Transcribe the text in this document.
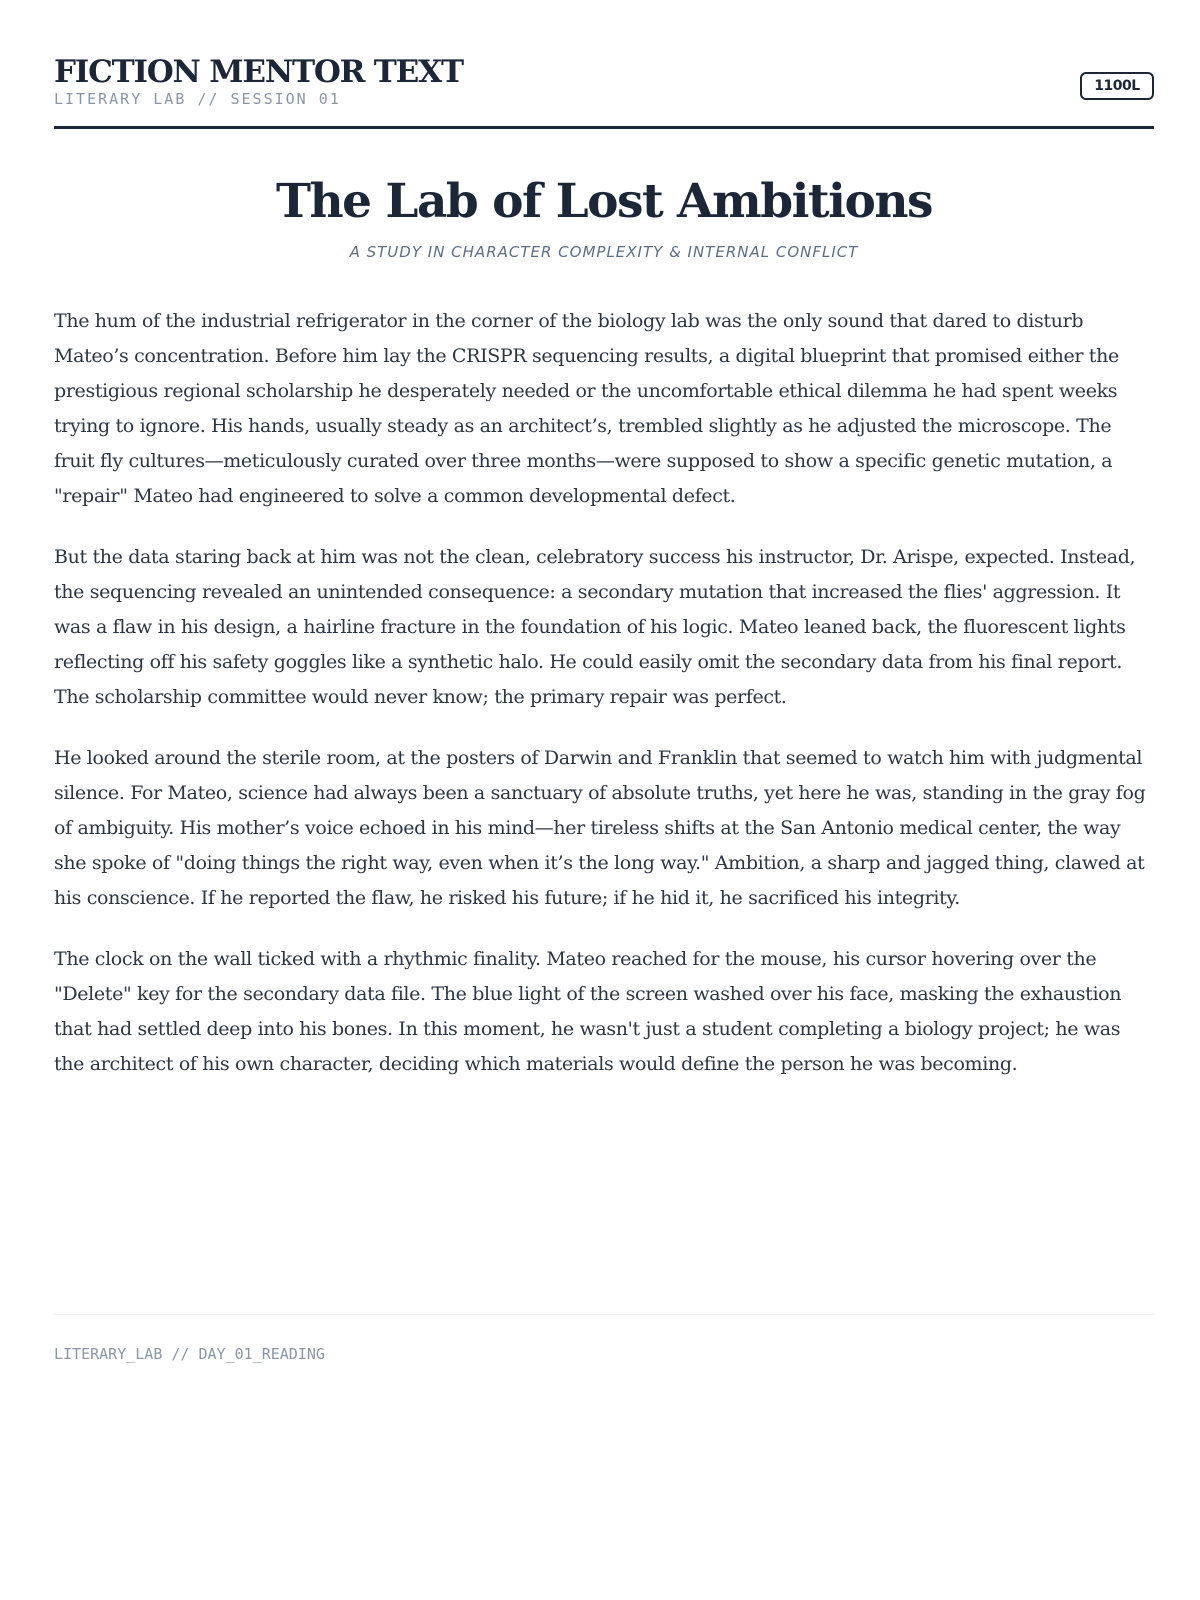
FICTION MENTOR TEXT
LITERARY LAB // SESSION 01
1100L
The Lab of Lost Ambitions
A STUDY IN CHARACTER COMPLEXITY & INTERNAL CONFLICT

The hum of the industrial refrigerator in the corner of the biology lab was the only sound that dared to disturb Mateo’s concentration. Before him lay the CRISPR sequencing results, a digital blueprint that promised either the prestigious regional scholarship he desperately needed or the uncomfortable ethical dilemma he had spent weeks trying to ignore. His hands, usually steady as an architect’s, trembled slightly as he adjusted the microscope. The fruit fly cultures—meticulously curated over three months—were supposed to show a specific genetic mutation, a "repair" Mateo had engineered to solve a common developmental defect.

But the data staring back at him was not the clean, celebratory success his instructor, Dr. Arispe, expected. Instead, the sequencing revealed an unintended consequence: a secondary mutation that increased the flies' aggression. It was a flaw in his design, a hairline fracture in the foundation of his logic. Mateo leaned back, the fluorescent lights reflecting off his safety goggles like a synthetic halo. He could easily omit the secondary data from his final report. The scholarship committee would never know; the primary repair was perfect.

He looked around the sterile room, at the posters of Darwin and Franklin that seemed to watch him with judgmental silence. For Mateo, science had always been a sanctuary of absolute truths, yet here he was, standing in the gray fog of ambiguity. His mother’s voice echoed in his mind—her tireless shifts at the San Antonio medical center, the way she spoke of "doing things the right way, even when it’s the long way." Ambition, a sharp and jagged thing, clawed at his conscience. If he reported the flaw, he risked his future; if he hid it, he sacrificed his integrity.

The clock on the wall ticked with a rhythmic finality. Mateo reached for the mouse, his cursor hovering over the "Delete" key for the secondary data file. The blue light of the screen washed over his face, masking the exhaustion that had settled deep into his bones. In this moment, he wasn't just a student completing a biology project; he was the architect of his own character, deciding which materials would define the person he was becoming.

LITERARY_LAB // DAY_01_READING
